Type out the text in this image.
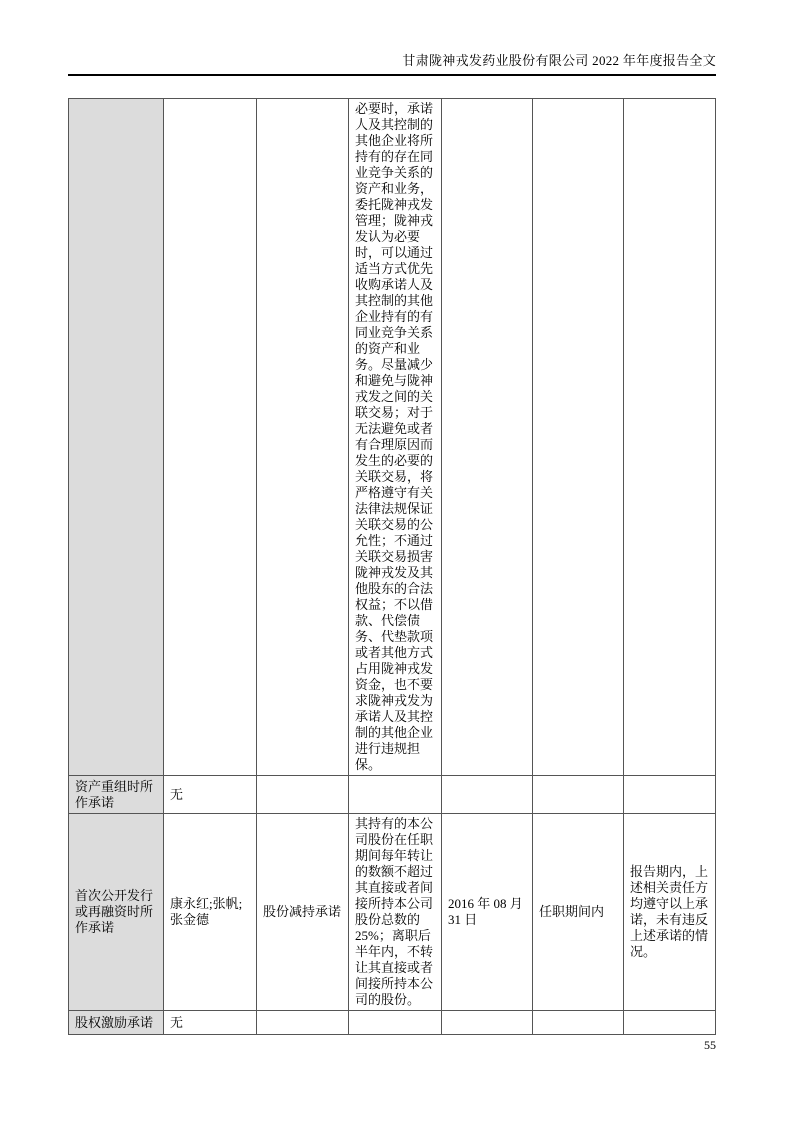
甘肃陇神戎发药业股份有限公司 2022 年年度报告全文
			必要时，承诺人及其控制的其他企业将所持有的存在同业竞争关系的资产和业务，委托陇神戎发管理；陇神戎发认为必要时，可以通过适当方式优先收购承诺人及其控制的其他企业持有的有同业竞争关系的资产和业务。尽量减少和避免与陇神戎发之间的关联交易；对于无法避免或者有合理原因而发生的必要的关联交易，将严格遵守有关法律法规保证关联交易的公允性；不通过关联交易损害陇神戎发及其他股东的合法权益；不以借款、代偿债务、代垫款项或者其他方式占用陇神戎发资金，也不要求陇神戎发为承诺人及其控制的其他企业进行违规担保。			
资产重组时所作承诺	无					
首次公开发行或再融资时所作承诺	康永红;张帆;张金德	股份减持承诺	其持有的本公司股份在任职期间每年转让的数额不超过其直接或者间接所持本公司股份总数的25%；离职后半年内，不转让其直接或者间接所持本公司的股份。	2016 年 08 月 31 日	任职期间内	报告期内，上述相关责任方均遵守以上承诺，未有违反上述承诺的情况。
股权激励承诺	无					
55
